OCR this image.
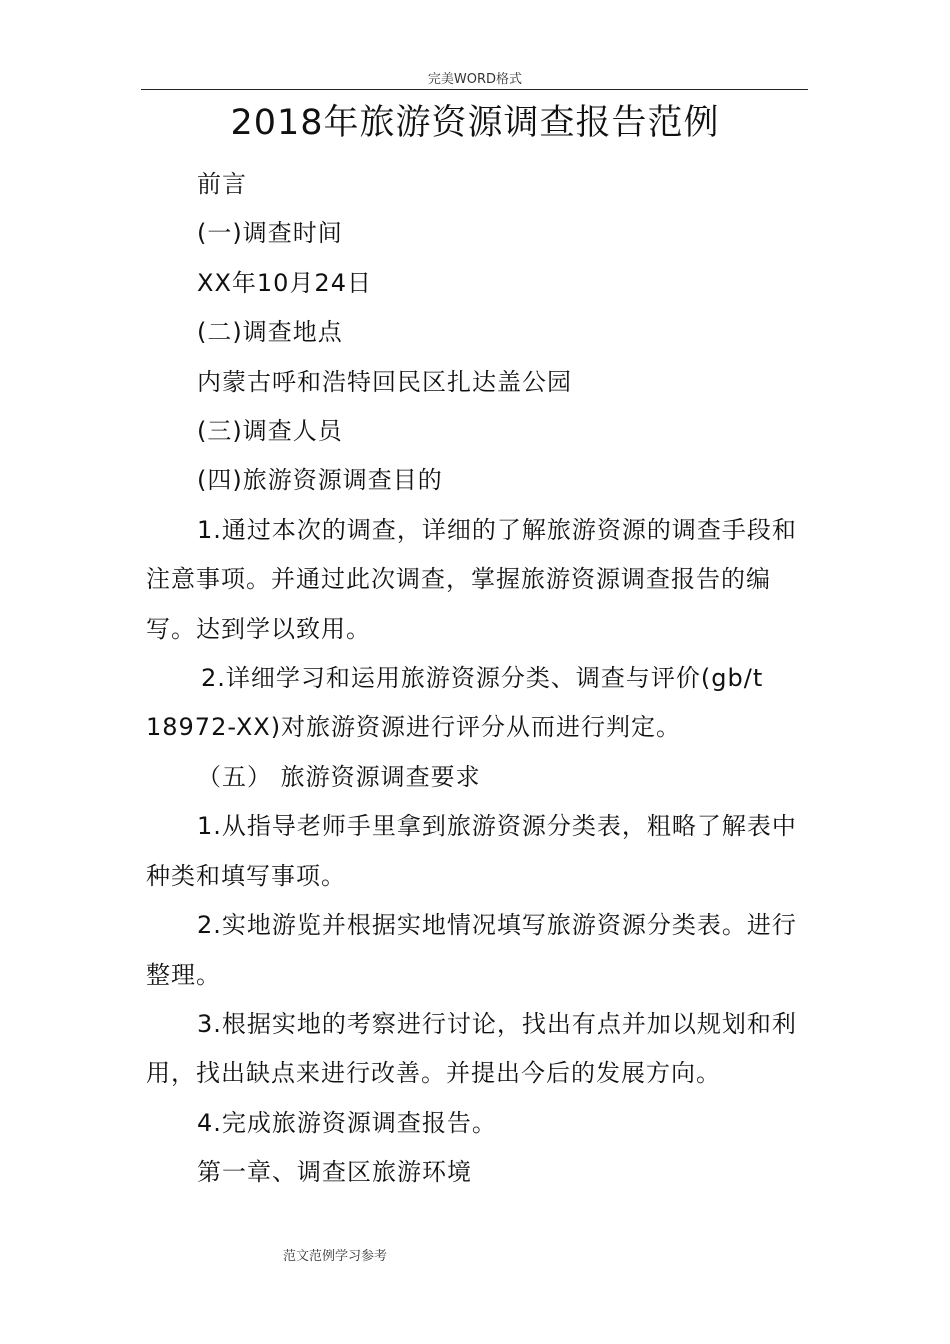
完美WORD格式
2018年旅游资源调查报告范例

前言

(一)调查时间

XX年10月24日

(二)调查地点

内蒙古呼和浩特回民区扎达盖公园

(三)调查人员

(四)旅游资源调查目的

1.通过本次的调查，详细的了解旅游资源的调查手段和注意事项。并通过此次调查，掌握旅游资源调查报告的编写。达到学以致用。

2.详细学习和运用旅游资源分类、调查与评价(gb/t 18972-XX)对旅游资源进行评分从而进行判定。

（五） 旅游资源调查要求

1.从指导老师手里拿到旅游资源分类表，粗略了解表中种类和填写事项。

2.实地游览并根据实地情况填写旅游资源分类表。进行整理。

3.根据实地的考察进行讨论，找出有点并加以规划和利用，找出缺点来进行改善。并提出今后的发展方向。

4.完成旅游资源调查报告。

第一章、调查区旅游环境

范文范例学习参考
